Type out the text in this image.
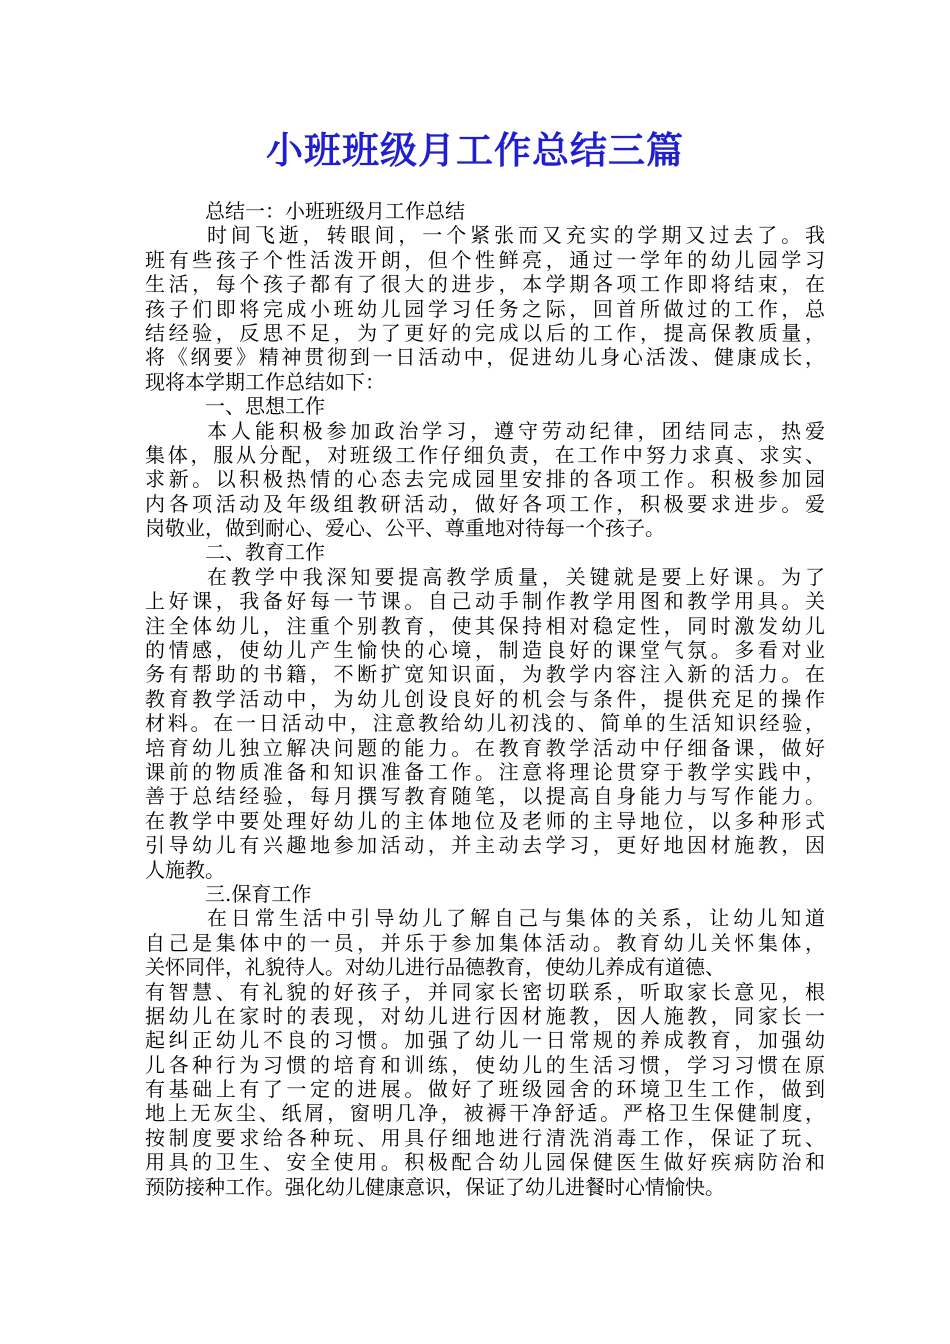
小班班级月工作总结三篇
总结一：小班班级月工作总结
时间飞逝，转眼间，一个紧张而又充实的学期又过去了。我
班有些孩子个性活泼开朗，但个性鲜亮，通过一学年的幼儿园学习
生活，每个孩子都有了很大的进步，本学期各项工作即将结束，在
孩子们即将完成小班幼儿园学习任务之际，回首所做过的工作，总
结经验，反思不足，为了更好的完成以后的工作，提高保教质量，
将《纲要》精神贯彻到一日活动中，促进幼儿身心活泼、健康成长，
现将本学期工作总结如下：
一、思想工作
本人能积极参加政治学习，遵守劳动纪律，团结同志，热爱
集体，服从分配，对班级工作仔细负责，在工作中努力求真、求实、
求新。以积极热情的心态去完成园里安排的各项工作。积极参加园
内各项活动及年级组教研活动，做好各项工作，积极要求进步。爱
岗敬业，做到耐心、爱心、公平、尊重地对待每一个孩子。
二、教育工作
在教学中我深知要提高教学质量，关键就是要上好课。为了
上好课，我备好每一节课。自己动手制作教学用图和教学用具。关
注全体幼儿，注重个别教育，使其保持相对稳定性，同时激发幼儿
的情感，使幼儿产生愉快的心境，制造良好的课堂气氛。多看对业
务有帮助的书籍，不断扩宽知识面，为教学内容注入新的活力。在
教育教学活动中，为幼儿创设良好的机会与条件，提供充足的操作
材料。在一日活动中，注意教给幼儿初浅的、简单的生活知识经验，
培育幼儿独立解决问题的能力。在教育教学活动中仔细备课，做好
课前的物质准备和知识准备工作。注意将理论贯穿于教学实践中，
善于总结经验，每月撰写教育随笔，以提高自身能力与写作能力。
在教学中要处理好幼儿的主体地位及老师的主导地位，以多种形式
引导幼儿有兴趣地参加活动，并主动去学习，更好地因材施教，因
人施教。
三.保育工作
在日常生活中引导幼儿了解自己与集体的关系，让幼儿知道
自己是集体中的一员，并乐于参加集体活动。教育幼儿关怀集体，
关怀同伴，礼貌待人。对幼儿进行品德教育，使幼儿养成有道德、
有智慧、有礼貌的好孩子，并同家长密切联系，听取家长意见，根
据幼儿在家时的表现，对幼儿进行因材施教，因人施教，同家长一
起纠正幼儿不良的习惯。加强了幼儿一日常规的养成教育，加强幼
儿各种行为习惯的培育和训练，使幼儿的生活习惯，学习习惯在原
有基础上有了一定的进展。做好了班级园舍的环境卫生工作，做到
地上无灰尘、纸屑，窗明几净，被褥干净舒适。严格卫生保健制度，
按制度要求给各种玩、用具仔细地进行清洗消毒工作，保证了玩、
用具的卫生、安全使用。积极配合幼儿园保健医生做好疾病防治和
预防接种工作。强化幼儿健康意识，保证了幼儿进餐时心情愉快。
